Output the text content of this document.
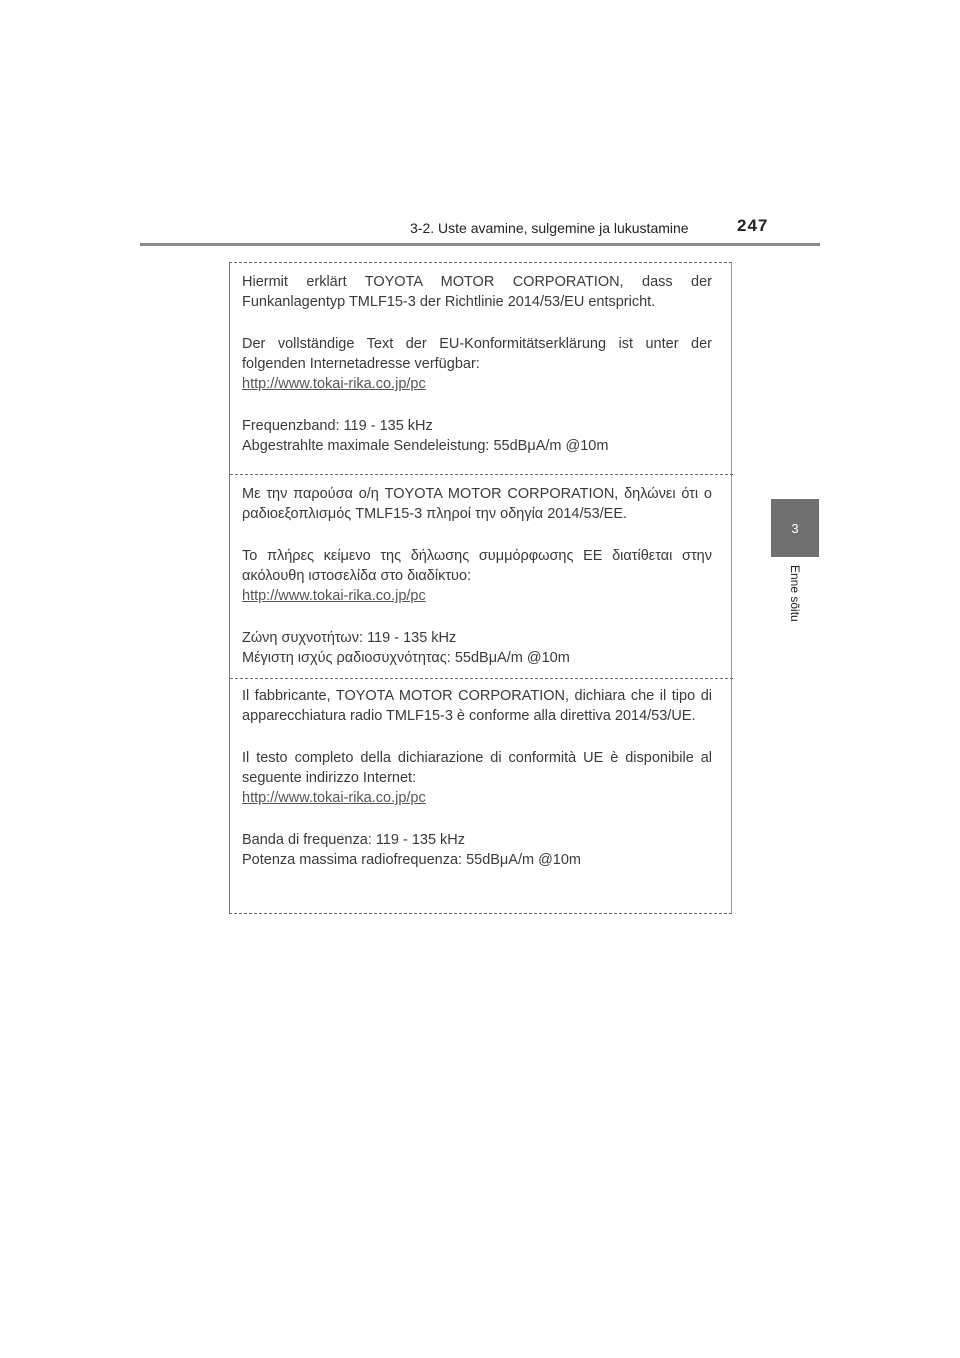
3-2. Uste avamine, sulgemine ja lukustamine	247
3
Enne sõitu

Hiermit erklärt TOYOTA MOTOR CORPORATION, dass der Funkanlagentyp TMLF15-3 der Richtlinie 2014/53/EU entspricht.

Der vollständige Text der EU-Konformitätserklärung ist unter der folgenden Internetadresse verfügbar:

http://www.tokai-rika.co.jp/pc

Frequenzband: 119 - 135 kHz

Abgestrahlte maximale Sendeleistung: 55dBμA/m @10m

Με την παρούσα ο/η TOYOTA MOTOR CORPORATION, δηλώνει ότι ο ραδιοεξοπλισμός TMLF15-3 πληροί την οδηγία 2014/53/ΕΕ.

Το πλήρες κείμενο της δήλωσης συμμόρφωσης ΕΕ διατίθεται στην ακόλουθη ιστοσελίδα στο διαδίκτυο:

http://www.tokai-rika.co.jp/pc

Ζώνη συχνοτήτων: 119 - 135 kHz

Μέγιστη ισχύς ραδιοσυχνότητας: 55dBμA/m @10m

Il fabbricante, TOYOTA MOTOR CORPORATION, dichiara che il tipo di apparecchiatura radio TMLF15-3 è conforme alla direttiva 2014/53/UE.

Il testo completo della dichiarazione di conformità UE è disponibile al seguente indirizzo Internet:

http://www.tokai-rika.co.jp/pc

Banda di frequenza: 119 - 135 kHz

Potenza massima radiofrequenza: 55dBμA/m @10m
